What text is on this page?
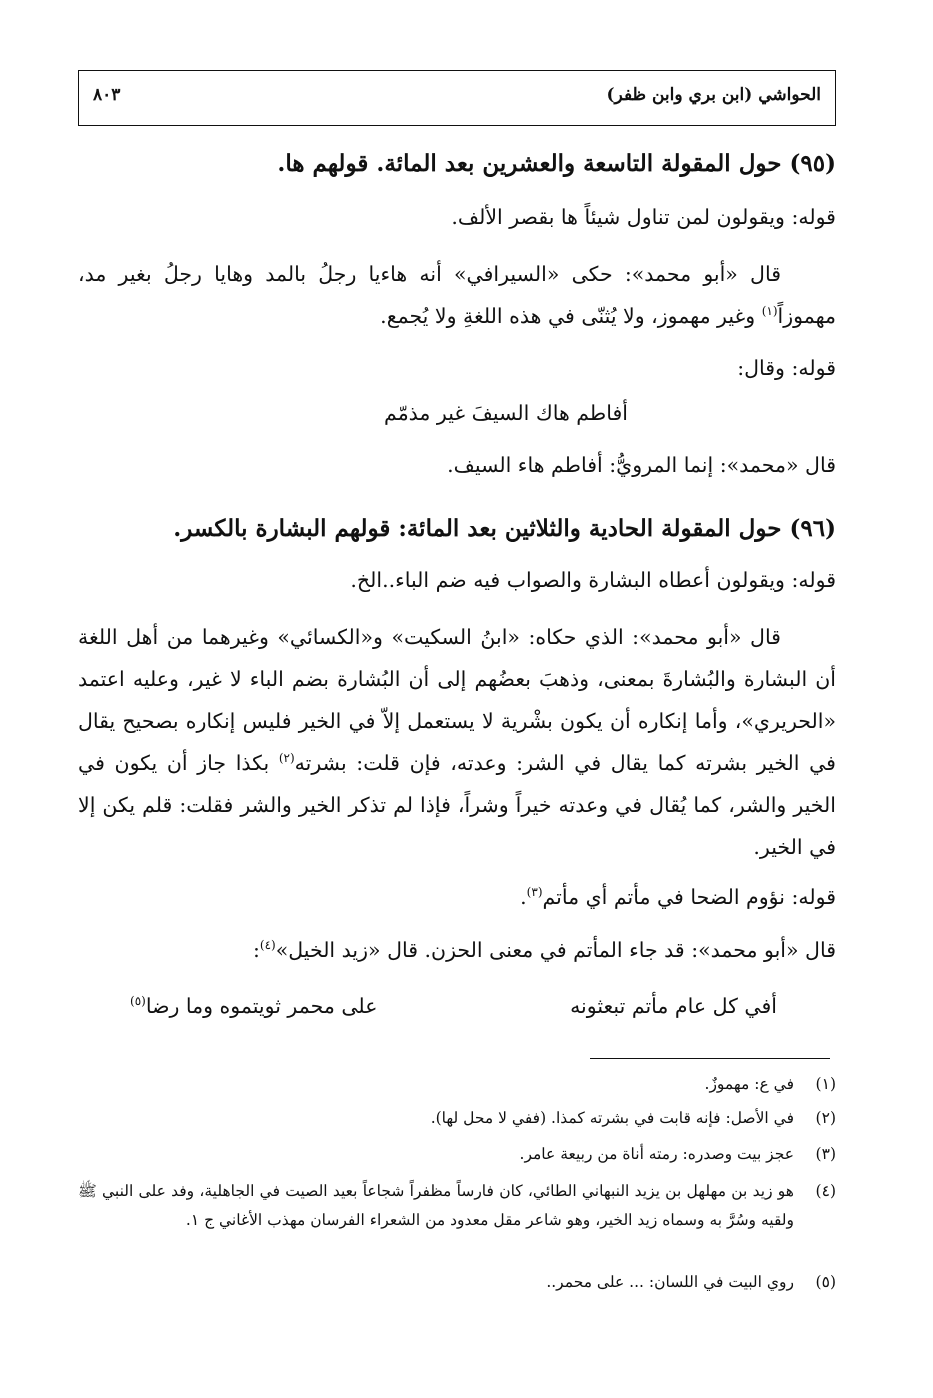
الحواشي (ابن بري وابن ظفر)
٨٠٣
(٩٥)حول المقولة التاسعة والعشرين بعد المائة. قولهم ها.
قوله: ويقولون لمن تناول شيئاً ها بقصر الألف.
قال «أبو محمد»: حكى «السيرافي» أنه هاءيا رجلُ بالمد وهايا رجلُ بغير مد، مهموزاً$^{(١)}$ وغير مهموز، ولا يُثنّى في هذه اللغةِ ولا يُجمع.
قوله: وقال:
أفاطم هاك السيفَ غير مذمّم
قال «محمد»: إنما المرويُّ: أفاطم هاء السيف.
(٩٦)حول المقولة الحادية والثلاثين بعد المائة: قولهم البشارة بالكسر.
قوله: ويقولون أعطاه البشارة والصواب فيه ضم الباء..الخ.
قال «أبو محمد»: الذي حكاه: «ابنُ السكيت» و«الكسائي» وغيرهما من أهل اللغة أن البشارة والبُشارةَ بمعنى، وذهبَ بعضُهم إلى أن البُشارة بضم الباء لا غير، وعليه اعتمد «الحريري»، وأما إنكاره أن يكون بشْرية لا يستعمل إلاّ في الخير فليس إنكاره بصحيح يقال في الخير بشرته كما يقال في الشر: وعدته، فإن قلت: بشرته$^{(٢)}$ بكذا جاز أن يكون في الخير والشر، كما يُقال في وعدته خيراً وشراً، فإذا لم تذكر الخير والشر فقلت: قلم يكن إلا في الخير.
قوله: نؤوم الضحا في مأتم أي مأتم$^{(٣)}$.
قال «أبو محمد»: قد جاء المأتم في معنى الحزن. قال «زيد الخيل»$^{(٤)}$:
أفي كل عام مأتم تبعثونه
على محمر ثويتموه وما رضا$^{(٥)}$
(١)
في ع: مهموزٌ.
(٢)
في الأصل: فإنه قابت في بشرته كمذا. (ففي لا محل لها).
(٣)
عجز بيت وصدره: رمته أناة من ربيعة عامر.
(٤)
هو زيد بن مهلهل بن يزيد النبهاني الطائي، كان فارساً مظفراً شجاعاً بعيد الصيت في الجاهلية، وفد على النبي ﷺ ولقيه وسُرَّ به وسماه زيد الخير، وهو شاعر مقل معدود من الشعراء الفرسان مهذب الأغاني ج ١.
(٥)
روي البيت في اللسان: ... على محمر..
